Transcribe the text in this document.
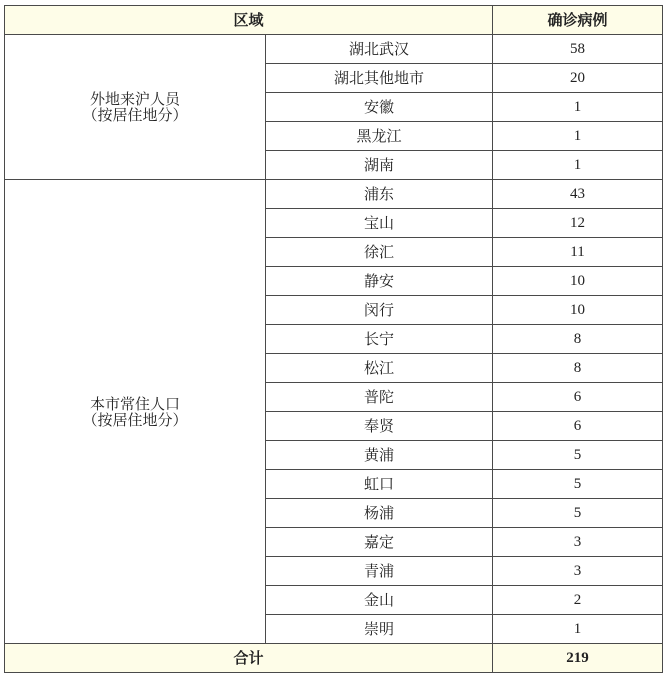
区域		确诊病例

外地来沪人员
（按居住地分）	湖北武汉	58
	湖北其他地市	20
	安徽	1
	黑龙江	1
	湖南	1

本市常住人口
（按居住地分）	浦东	43
	宝山	12
	徐汇	11
	静安	10
	闵行	10
	长宁	8
	松江	8
	普陀	6
	奉贤	6
	黄浦	5
	虹口	5
	杨浦	5
	嘉定	3
	青浦	3
	金山	2
	崇明	1
合计		219
